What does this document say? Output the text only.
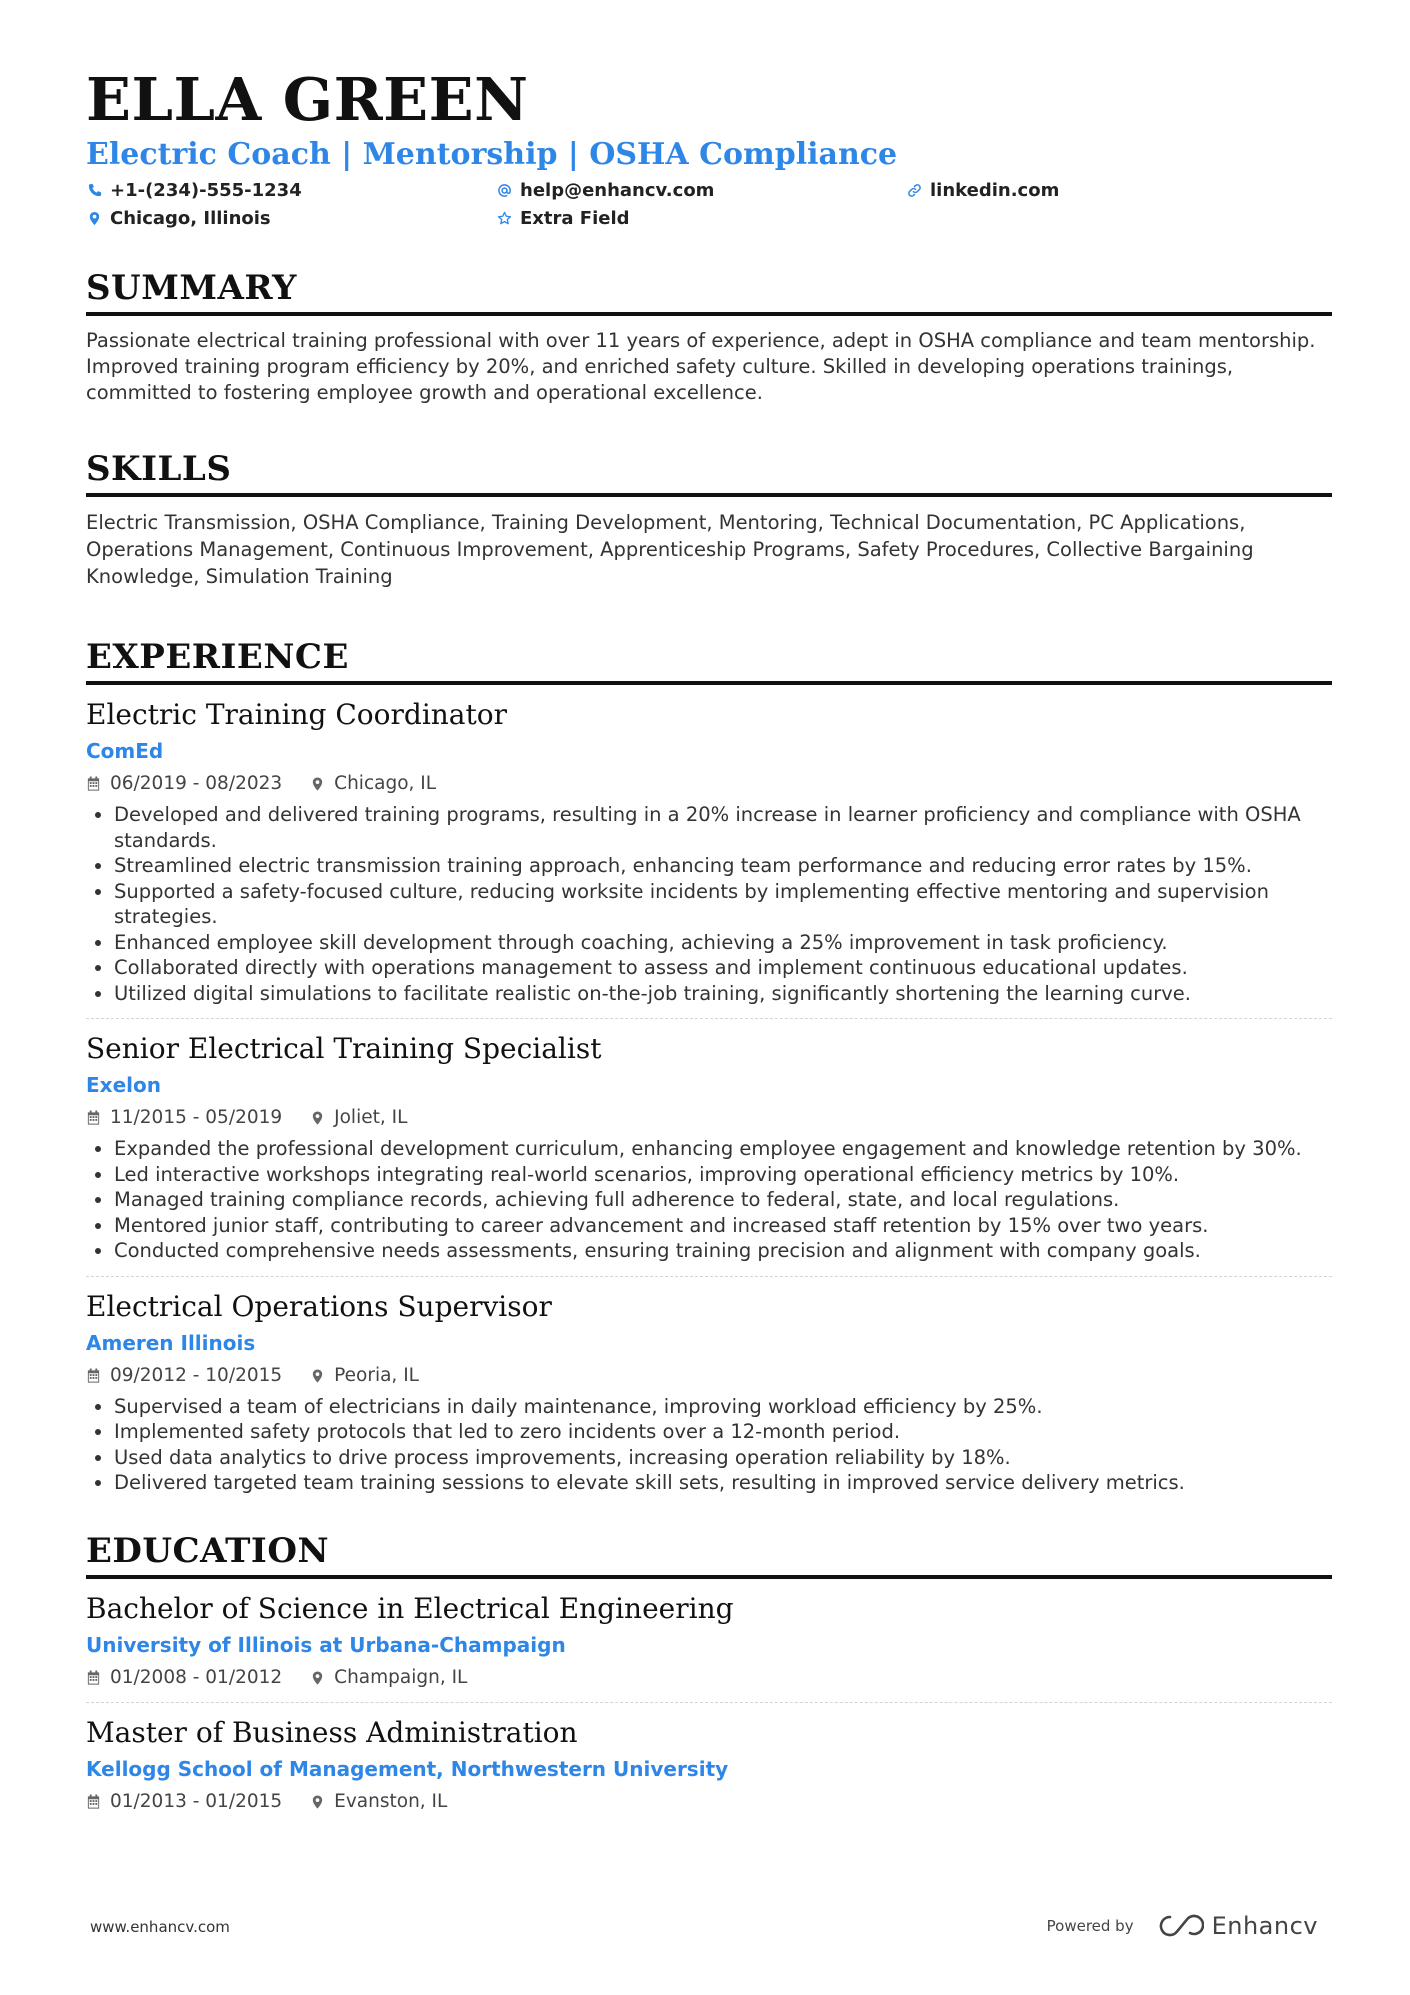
ELLA GREEN
Electric Coach | Mentorship | OSHA Compliance
+1-(234)-555-1234	help@enhancv.com	linkedin.com
Chicago, Illinois	Extra Field
SUMMARY
Passionate electrical training professional with over 11 years of experience, adept in OSHA compliance and team mentorship. Improved training program efficiency by 20%, and enriched safety culture. Skilled in developing operations trainings, committed to fostering employee growth and operational excellence.
SKILLS
Electric Transmission, OSHA Compliance, Training Development, Mentoring, Technical Documentation, PC Applications, Operations Management, Continuous Improvement, Apprenticeship Programs, Safety Procedures, Collective Bargaining Knowledge, Simulation Training
EXPERIENCE
Electric Training Coordinator
ComEd
06/2019 - 08/2023	Chicago, IL
• Developed and delivered training programs, resulting in a 20% increase in learner proficiency and compliance with OSHA standards.
• Streamlined electric transmission training approach, enhancing team performance and reducing error rates by 15%.
• Supported a safety-focused culture, reducing worksite incidents by implementing effective mentoring and supervision strategies.
• Enhanced employee skill development through coaching, achieving a 25% improvement in task proficiency.
• Collaborated directly with operations management to assess and implement continuous educational updates.
• Utilized digital simulations to facilitate realistic on-the-job training, significantly shortening the learning curve.
Senior Electrical Training Specialist
Exelon
11/2015 - 05/2019	Joliet, IL
• Expanded the professional development curriculum, enhancing employee engagement and knowledge retention by 30%.
• Led interactive workshops integrating real-world scenarios, improving operational efficiency metrics by 10%.
• Managed training compliance records, achieving full adherence to federal, state, and local regulations.
• Mentored junior staff, contributing to career advancement and increased staff retention by 15% over two years.
• Conducted comprehensive needs assessments, ensuring training precision and alignment with company goals.
Electrical Operations Supervisor
Ameren Illinois
09/2012 - 10/2015	Peoria, IL
• Supervised a team of electricians in daily maintenance, improving workload efficiency by 25%.
• Implemented safety protocols that led to zero incidents over a 12-month period.
• Used data analytics to drive process improvements, increasing operation reliability by 18%.
• Delivered targeted team training sessions to elevate skill sets, resulting in improved service delivery metrics.
EDUCATION
Bachelor of Science in Electrical Engineering
University of Illinois at Urbana-Champaign
01/2008 - 01/2012	Champaign, IL
Master of Business Administration
Kellogg School of Management, Northwestern University
01/2013 - 01/2015	Evanston, IL
www.enhancv.com	Powered by	Enhancv
